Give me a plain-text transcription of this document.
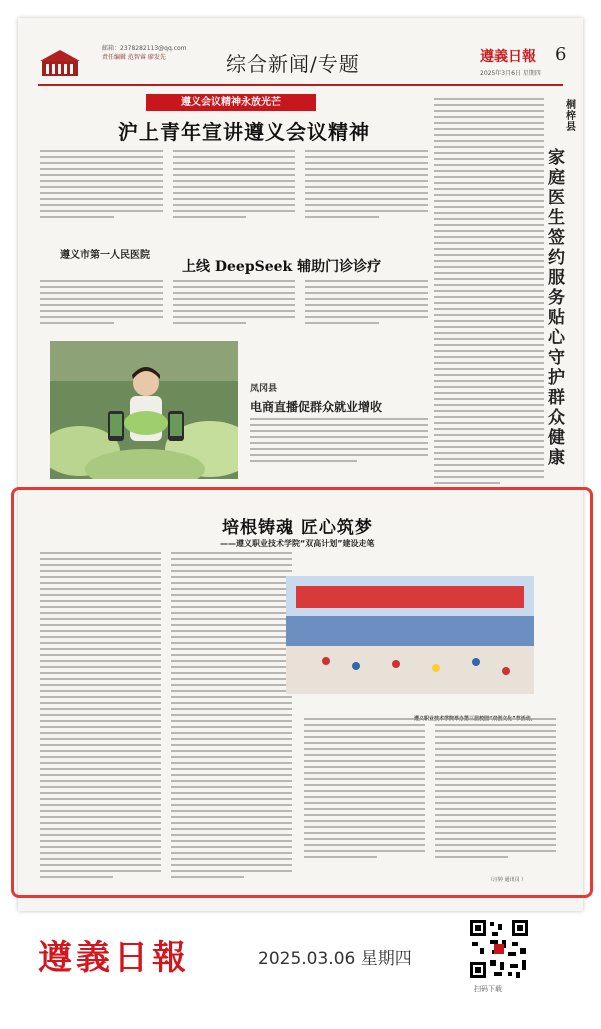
邮箱：2378282113@qq.com
责任编辑 范智睿 廖发先	综合新闻/专题	遵義日報 6
2025年3月6日 星期四
遵义会议精神永放光芒
沪上青年宣讲遵义会议精神
遵义市第一人民医院
上线 DeepSeek 辅助门诊诊疗
凤冈县
电商直播促群众就业增收
桐梓县
家庭医生签约服务 贴心守护群众健康
（汪婷 通讯员 ）
培根铸魂 匠心筑梦
——遵义职业技术学院“双高计划”建设走笔
遵義日報	2025.03.06 星期四
扫码下载
